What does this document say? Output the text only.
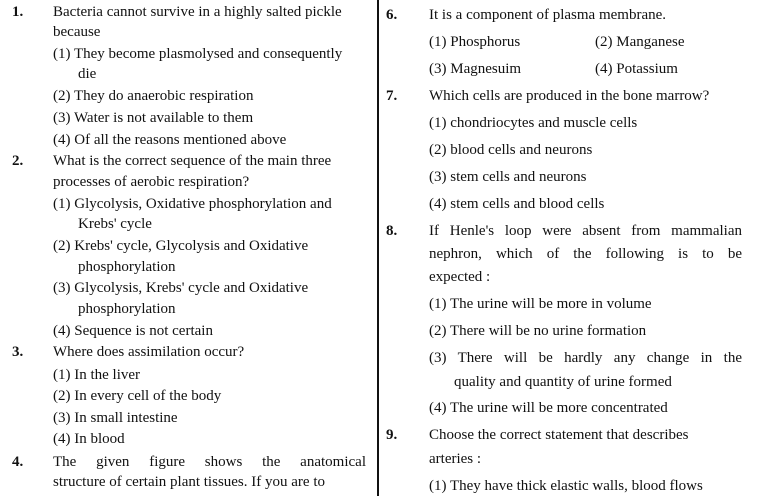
1. Bacteria cannot survive in a highly salted pickle
because
(1) They become plasmolysed and consequently
die
(2) They do anaerobic respiration
(3) Water is not available to them
(4) Of all the reasons mentioned above
2. What is the correct sequence of the main three
processes of aerobic respiration?
(1) Glycolysis, Oxidative phosphorylation and
Krebs' cycle
(2) Krebs' cycle, Glycolysis and Oxidative
phosphorylation
(3) Glycolysis, Krebs' cycle and Oxidative
phosphorylation
(4) Sequence is not certain
3. Where does assimilation occur?
(1) In the liver
(2) In every cell of the body
(3) In small intestine
(4) In blood
4. The given figure shows the anatomical
structure of certain plant tissues. If you are to
6. It is a component of plasma membrane.
(1) Phosphorus	(2) Manganese
(3) Magnesuim	(4) Potassium
7. Which cells are produced in the bone marrow?
(1) chondriocytes and muscle cells
(2) blood cells and neurons
(3) stem cells and neurons
(4) stem cells and blood cells
8. If Henle's loop were absent from mammalian
nephron, which of the following is to be
expected :
(1) The urine will be more in volume
(2) There will be no urine formation
(3) There will be hardly any change in the
quality and quantity of urine formed
(4) The urine will be more concentrated
9. Choose the correct statement that describes
arteries :
(1) They have thick elastic walls, blood flows
